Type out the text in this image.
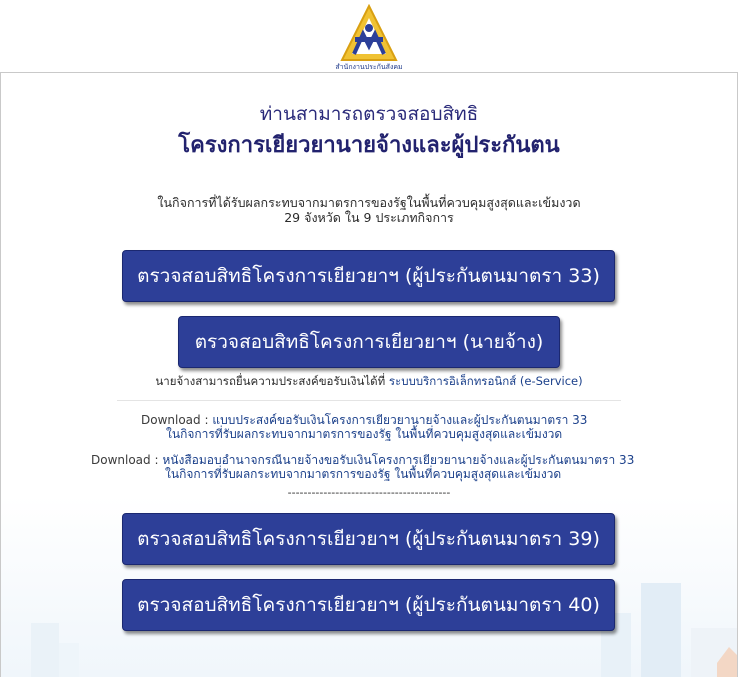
สำนักงานประกันสังคม
ท่านสามารถตรวจสอบสิทธิ
โครงการเยียวยานายจ้างและผู้ประกันตน
ในกิจการที่ได้รับผลกระทบจากมาตรการของรัฐในพื้นที่ควบคุมสูงสุดและเข้มงวด
29 จังหวัด ใน 9 ประเภทกิจการ
ตรวจสอบสิทธิโครงการเยียวยาฯ (ผู้ประกันตนมาตรา 33)
ตรวจสอบสิทธิโครงการเยียวยาฯ (นายจ้าง)
นายจ้างสามารถยื่นความประสงค์ขอรับเงินได้ที่ ระบบบริการอิเล็กทรอนิกส์ (e-Service)
Download : แบบประสงค์ขอรับเงินโครงการเยียวยานายจ้างและผู้ประกันตนมาตรา 33
ในกิจการที่รับผลกระทบจากมาตรการของรัฐ ในพื้นที่ควบคุมสูงสุดและเข้มงวด
Download : หนังสือมอบอำนาจกรณีนายจ้างขอรับเงินโครงการเยียวยานายจ้างและผู้ประกันตนมาตรา 33
ในกิจการที่รับผลกระทบจากมาตรการของรัฐ ในพื้นที่ควบคุมสูงสุดและเข้มงวด
-----------------------------------------
ตรวจสอบสิทธิโครงการเยียวยาฯ (ผู้ประกันตนมาตรา 39)
ตรวจสอบสิทธิโครงการเยียวยาฯ (ผู้ประกันตนมาตรา 40)
